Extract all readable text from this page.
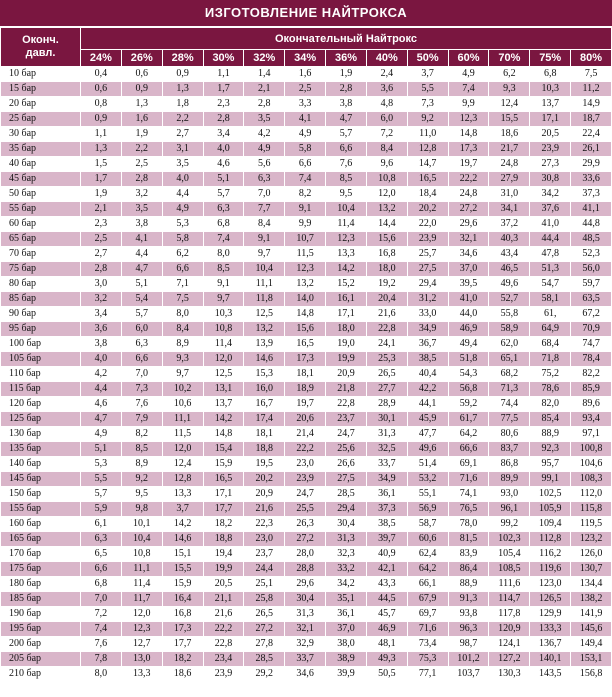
ИЗГОТОВЛЕНИЕ НАЙТРОКСА
Оконч.
давл.	Окончательный Найтрокс												
	24%	26%	28%	30%	32%	34%	36%	40%	50%	60%	70%	75%	80%
10 бар	0,4	0,6	0,9	1,1	1,4	1,6	1,9	2,4	3,7	4,9	6,2	6,8	7,5
15 бар	0,6	0,9	1,3	1,7	2,1	2,5	2,8	3,6	5,5	7,4	9,3	10,3	11,2
20 бар	0,8	1,3	1,8	2,3	2,8	3,3	3,8	4,8	7,3	9,9	12,4	13,7	14,9
25 бар	0,9	1,6	2,2	2,8	3,5	4,1	4,7	6,0	9,2	12,3	15,5	17,1	18,7
30 бар	1,1	1,9	2,7	3,4	4,2	4,9	5,7	7,2	11,0	14,8	18,6	20,5	22,4
35 бар	1,3	2,2	3,1	4,0	4,9	5,8	6,6	8,4	12,8	17,3	21,7	23,9	26,1
40 бар	1,5	2,5	3,5	4,6	5,6	6,6	7,6	9,6	14,7	19,7	24,8	27,3	29,9
45 бар	1,7	2,8	4,0	5,1	6,3	7,4	8,5	10,8	16,5	22,2	27,9	30,8	33,6
50 бар	1,9	3,2	4,4	5,7	7,0	8,2	9,5	12,0	18,4	24,8	31,0	34,2	37,3
55 бар	2,1	3,5	4,9	6,3	7,7	9,1	10,4	13,2	20,2	27,2	34,1	37,6	41,1
60 бар	2,3	3,8	5,3	6,8	8,4	9,9	11,4	14,4	22,0	29,6	37,2	41,0	44,8
65 бар	2,5	4,1	5,8	7,4	9,1	10,7	12,3	15,6	23,9	32,1	40,3	44,4	48,5
70 бар	2,7	4,4	6,2	8,0	9,7	11,5	13,3	16,8	25,7	34,6	43,4	47,8	52,3
75 бар	2,8	4,7	6,6	8,5	10,4	12,3	14,2	18,0	27,5	37,0	46,5	51,3	56,0
80 бар	3,0	5,1	7,1	9,1	11,1	13,2	15,2	19,2	29,4	39,5	49,6	54,7	59,7
85 бар	3,2	5,4	7,5	9,7	11,8	14,0	16,1	20,4	31,2	41,0	52,7	58,1	63,5
90 бар	3,4	5,7	8,0	10,3	12,5	14,8	17,1	21,6	33,0	44,0	55,8	61,	67,2
95 бар	3,6	6,0	8,4	10,8	13,2	15,6	18,0	22,8	34,9	46,9	58,9	64,9	70,9
100 бар	3,8	6,3	8,9	11,4	13,9	16,5	19,0	24,1	36,7	49,4	62,0	68,4	74,7
105 бар	4,0	6,6	9,3	12,0	14,6	17,3	19,9	25,3	38,5	51,8	65,1	71,8	78,4
110 бар	4,2	7,0	9,7	12,5	15,3	18,1	20,9	26,5	40,4	54,3	68,2	75,2	82,2
115 бар	4,4	7,3	10,2	13,1	16,0	18,9	21,8	27,7	42,2	56,8	71,3	78,6	85,9
120 бар	4,6	7,6	10,6	13,7	16,7	19,7	22,8	28,9	44,1	59,2	74,4	82,0	89,6
125 бар	4,7	7,9	11,1	14,2	17,4	20,6	23,7	30,1	45,9	61,7	77,5	85,4	93,4
130 бар	4,9	8,2	11,5	14,8	18,1	21,4	24,7	31,3	47,7	64,2	80,6	88,9	97,1
135 бар	5,1	8,5	12,0	15,4	18,8	22,2	25,6	32,5	49,6	66,6	83,7	92,3	100,8
140 бар	5,3	8,9	12,4	15,9	19,5	23,0	26,6	33,7	51,4	69,1	86,8	95,7	104,6
145 бар	5,5	9,2	12,8	16,5	20,2	23,9	27,5	34,9	53,2	71,6	89,9	99,1	108,3
150 бар	5,7	9,5	13,3	17,1	20,9	24,7	28,5	36,1	55,1	74,1	93,0	102,5	112,0
155 бар	5,9	9,8	3,7	17,7	21,6	25,5	29,4	37,3	56,9	76,5	96,1	105,9	115,8
160 бар	6,1	10,1	14,2	18,2	22,3	26,3	30,4	38,5	58,7	78,0	99,2	109,4	119,5
165 бар	6,3	10,4	14,6	18,8	23,0	27,2	31,3	39,7	60,6	81,5	102,3	112,8	123,2
170 бар	6,5	10,8	15,1	19,4	23,7	28,0	32,3	40,9	62,4	83,9	105,4	116,2	126,0
175 бар	6,6	11,1	15,5	19,9	24,4	28,8	33,2	42,1	64,2	86,4	108,5	119,6	130,7
180 бар	6,8	11,4	15,9	20,5	25,1	29,6	34,2	43,3	66,1	88,9	111,6	123,0	134,4
185 бар	7,0	11,7	16,4	21,1	25,8	30,4	35,1	44,5	67,9	91,3	114,7	126,5	138,2
190 бар	7,2	12,0	16,8	21,6	26,5	31,3	36,1	45,7	69,7	93,8	117,8	129,9	141,9
195 бар	7,4	12,3	17,3	22,2	27,2	32,1	37,0	46,9	71,6	96,3	120,9	133,3	145,6
200 бар	7,6	12,7	17,7	22,8	27,8	32,9	38,0	48,1	73,4	98,7	124,1	136,7	149,4
205 бар	7,8	13,0	18,2	23,4	28,5	33,7	38,9	49,3	75,3	101,2	127,2	140,1	153,1
210 бар	8,0	13,3	18,6	23,9	29,2	34,6	39,9	50,5	77,1	103,7	130,3	143,5	156,8
